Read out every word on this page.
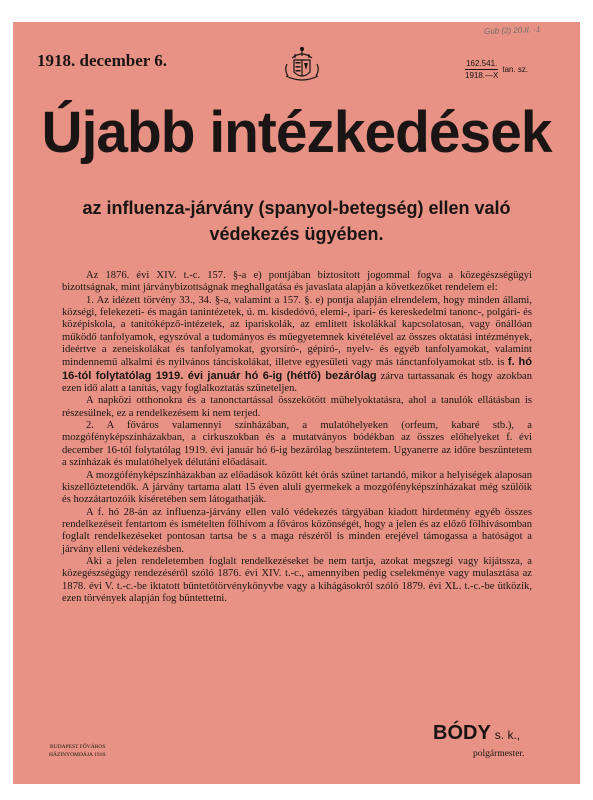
Gub (2) 20.II. ·1
1918. december 6.	$\frac{162.541.}{1918.—X} \tan$. sz.
Újabb intézkedések
az influenza-járvány (spanyol-betegség) ellen való
védekezés ügyében.

Az 1876. évi XIV. t.-c. 157. §-a e) pontjában biztosított jogommal fogva a közegészségügyi bizottságnak, mint járványbizottságnak meghallgatása és javaslata alapján a következőket rendelem el:

1. Az idézett törvény 33., 34. §-a, valamint a 157. §. e) pontja alapján elrendelem, hogy minden állami, községi, felekezeti- és magán tanintézetek, ú. m. kisdedóvó, elemi-, ipari- és kereskedelmi tanonc-, polgári- és középiskola, a tanítóképző-intézetek, az ipariskolák, az említett iskolákkal kapcsolatosan, vagy önállóan működő tanfolyamok, egyszóval a tudományos és műegyetemnek kivételével az összes oktatási intézmények, ideértve a zeneiskolákat és tanfolyamokat, gyorsíró-, gépíró-, nyelv- és egyéb tanfolyamokat, valamint mindennemű alkalmi és nyilvános tánciskolákat, illetve egyesületi vagy más tánctanfolyamokat stb. is f. hó 16-tól folytatólag 1919. évi január hó 6-ig (hétfő) bezárólag zárva tartassanak és hogy azokban ezen idő alatt a tanítás, vagy foglalkoztatás szüneteljen.

A napközi otthonokra és a tanonctartással összekötött műhelyoktatásra, ahol a tanulók ellátásban is részesülnek, ez a rendelkezésem ki nem terjed.

2. A főváros valamennyi színházában, a mulatóhelyeken (orfeum, kabaré stb.), a mozgófényképszínházakban, a cirkuszokban és a mutatványos bódékban az összes előhelyeket f. évi december 16-tól folytatólag 1919. évi január hó 6-ig bezárólag beszüntetem. Ugyanerre az időre beszüntetem a színházak és mulatóhelyek délutáni előadásait.

A mozgófényképszínházakban az előadások között két órás szünet tartandó, mikor a helyiségek alaposan kiszellőztetendők. A járvány tartama alatt 15 éven aluli gyermekek a mozgófényképszínházakat még szülőik és hozzátartozóik kíséretében sem látogathatják.

A f. hó 28-án az influenza-járvány ellen való védekezés tárgyában kiadott hirdetmény egyéb összes rendelkezéseit fentartom és ismételten fölhívom a főváros közönségét, hogy a jelen és az előző fölhívásomban foglalt rendelkezéseket pontosan tartsa be s a maga részéről is minden erejével támogassa a hatóságot a járvány elleni védekezésben.

Aki a jelen rendeletemben foglalt rendelkezéseket be nem tartja, azokat megszegi vagy kijátssza, a közegészségügy rendezéséről szóló 1876. évi XIV. t.-c., amennyiben pedig cselekménye vagy mulasztása az 1878. évi V. t.-c.-be iktatott büntetőtörvénykönyvbe vagy a kihágásokról szóló 1879. évi XL. t.-c.-be ütközik, ezen törvények alapján fog büntettetni.

BÓDY s. k.,
polgármester.
BUDAPEST FŐVÁROS
HÁZINYOMDÁJA 1918.
